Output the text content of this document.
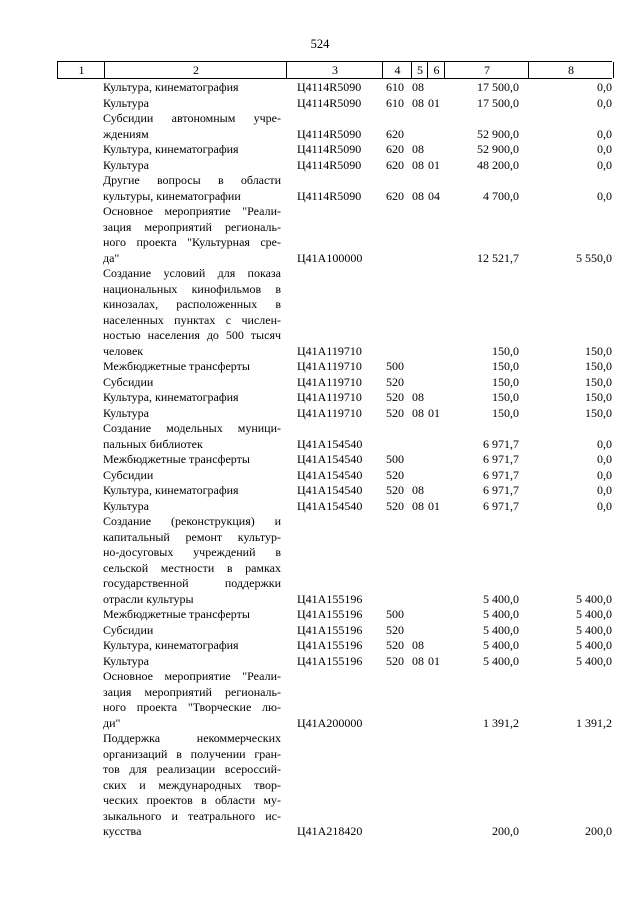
524
1	2	3	4	5 6	7	8
Культура, кинематография	Ц4114R5090	610 08	17 500,0	0,0
Культура	Ц4114R5090	610 08 01	17 500,0	0,0
Субсидии автономным учре-
ждениям	Ц4114R5090	620	52 900,0	0,0
Культура, кинематография	Ц4114R5090	620 08	52 900,0	0,0
Культура	Ц4114R5090	620 08 01	48 200,0	0,0
Другие вопросы в области
культуры, кинематографии	Ц4114R5090	620 08 04	4 700,0	0,0
Основное мероприятие "Реали-
зация мероприятий региональ-
ного проекта "Культурная сре-
да"	Ц41А100000	12 521,7	5 550,0
Создание условий для показа
национальных кинофильмов в
кинозалах, расположенных в
населенных пунктах с числен-
ностью населения до 500 тысяч
человек	Ц41А119710	150,0	150,0
Межбюджетные трансферты	Ц41А119710	500	150,0	150,0
Субсидии	Ц41А119710	520	150,0	150,0
Культура, кинематография	Ц41А119710	520 08	150,0	150,0
Культура	Ц41А119710	520 08 01	150,0	150,0
Создание модельных муници-
пальных библиотек	Ц41А154540	6 971,7	0,0
Межбюджетные трансферты	Ц41А154540	500	6 971,7	0,0
Субсидии	Ц41А154540	520	6 971,7	0,0
Культура, кинематография	Ц41А154540	520 08	6 971,7	0,0
Культура	Ц41А154540	520 08 01	6 971,7	0,0
Создание (реконструкция) и
капитальный ремонт культур-
но-досуговых учреждений в
сельской местности в рамках
государственной поддержки
отрасли культуры	Ц41А155196	5 400,0	5 400,0
Межбюджетные трансферты	Ц41А155196	500	5 400,0	5 400,0
Субсидии	Ц41А155196	520	5 400,0	5 400,0
Культура, кинематография	Ц41А155196	520 08	5 400,0	5 400,0
Культура	Ц41А155196	520 08 01	5 400,0	5 400,0
Основное мероприятие "Реали-
зация мероприятий региональ-
ного проекта "Творческие лю-
ди"	Ц41А200000	1 391,2	1 391,2
Поддержка некоммерческих
организаций в получении гран-
тов для реализации всероссий-
ских и международных твор-
ческих проектов в области му-
зыкального и театрального ис-
кусства	Ц41А218420	200,0	200,0
